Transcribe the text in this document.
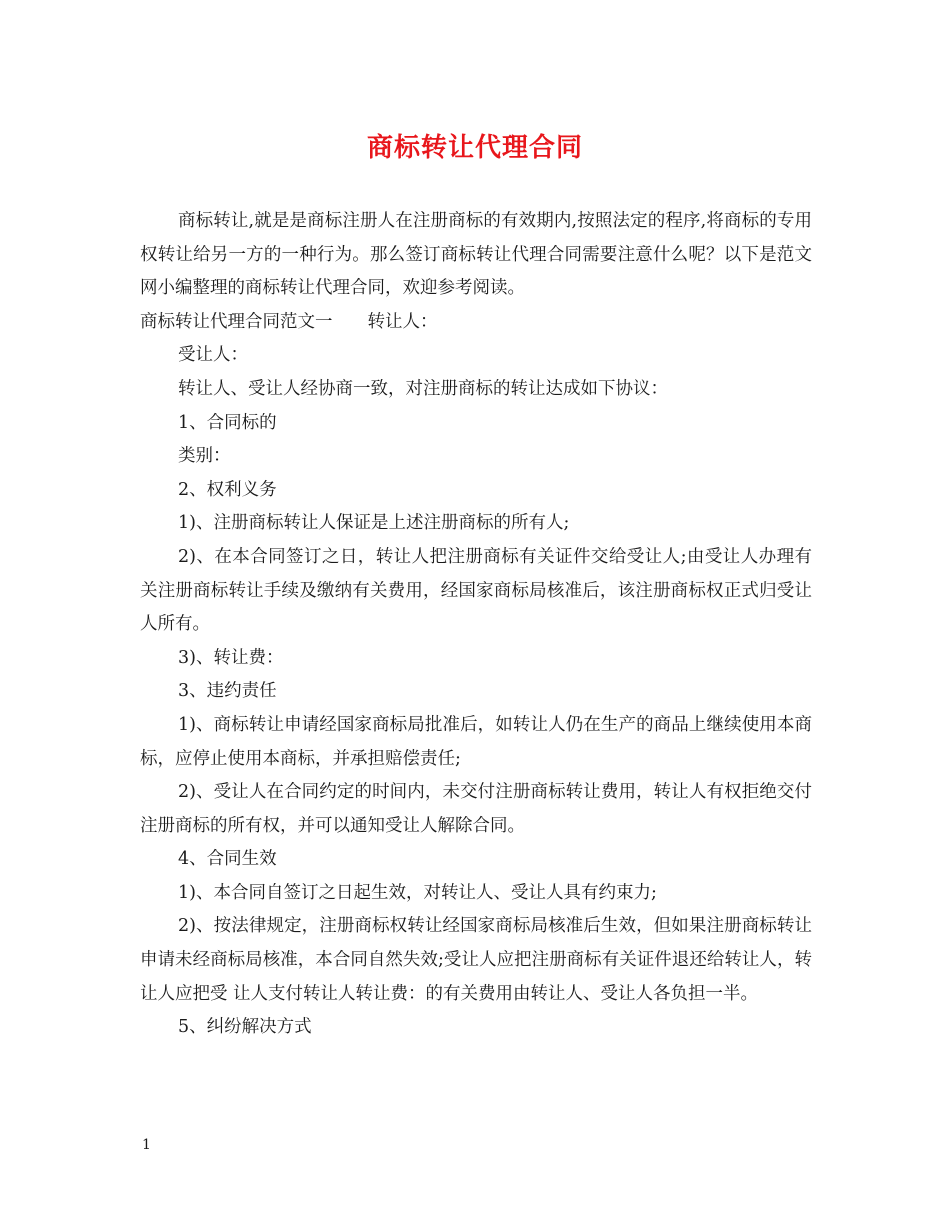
商标转让代理合同

商标转让,就是是商标注册人在注册商标的有效期内,按照法定的程序,将商标的专用权转让给另一方的一种行为。那么签订商标转让代理合同需要注意什么呢？以下是范文网小编整理的商标转让代理合同，欢迎参考阅读。

商标转让代理合同范文一　　转让人：

受让人：

转让人、受让人经协商一致，对注册商标的转让达成如下协议：

1、合同标的

类别：

2、权利义务

1)、注册商标转让人保证是上述注册商标的所有人;

2)、在本合同签订之日，转让人把注册商标有关证件交给受让人;由受让人办理有关注册商标转让手续及缴纳有关费用，经国家商标局核准后，该注册商标权正式归受让人所有。

3)、转让费：

3、违约责任

1)、商标转让申请经国家商标局批准后，如转让人仍在生产的商品上继续使用本商标，应停止使用本商标，并承担赔偿责任;

2)、受让人在合同约定的时间内，未交付注册商标转让费用，转让人有权拒绝交付注册商标的所有权，并可以通知受让人解除合同。

4、合同生效

1)、本合同自签订之日起生效，对转让人、受让人具有约束力;

2)、按法律规定，注册商标权转让经国家商标局核准后生效，但如果注册商标转让申请未经商标局核准，本合同自然失效;受让人应把注册商标有关证件退还给转让人，转让人应把受 让人支付转让人转让费：的有关费用由转让人、受让人各负担一半。

5、纠纷解决方式

1
